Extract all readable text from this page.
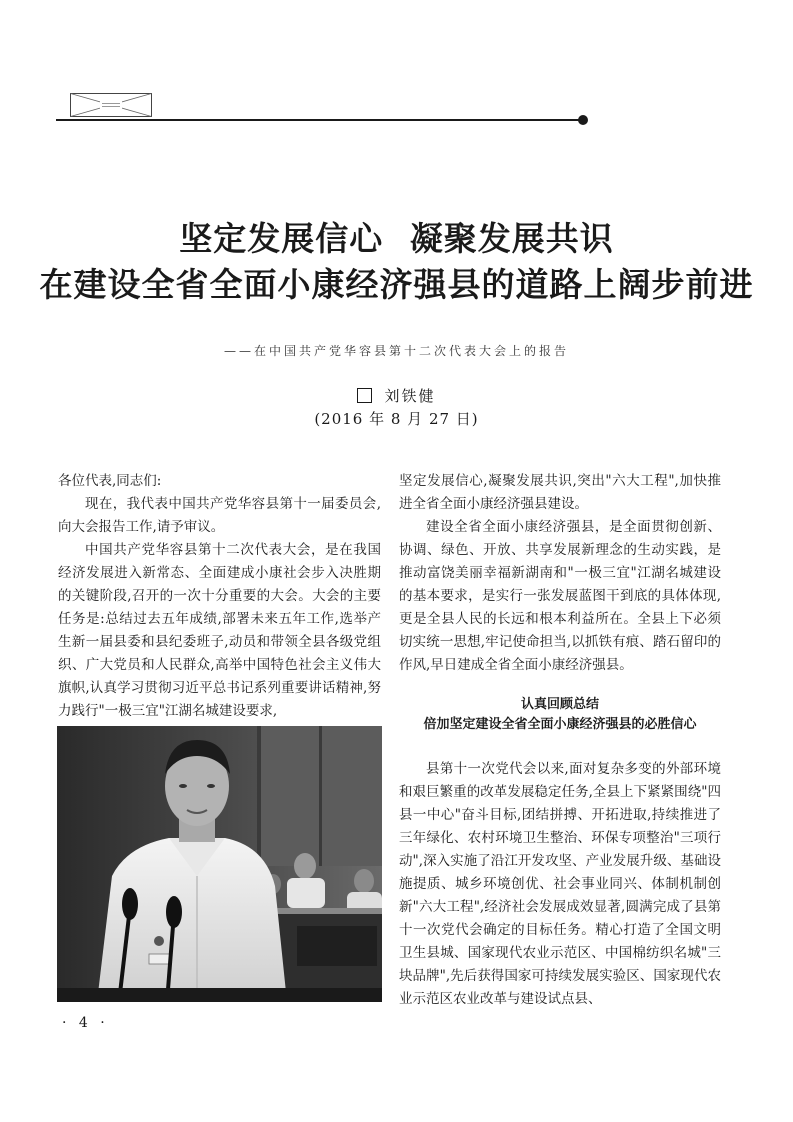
坚定发展信心 凝聚发展共识
在建设全省全面小康经济强县的道路上阔步前进
——在中国共产党华容县第十二次代表大会上的报告
刘铁健
(2016 年 8 月 27 日)

各位代表,同志们:

现在，我代表中国共产党华容县第十一届委员会,向大会报告工作,请予审议。

中国共产党华容县第十二次代表大会，是在我国经济发展进入新常态、全面建成小康社会步入决胜期的关键阶段,召开的一次十分重要的大会。大会的主要任务是:总结过去五年成绩,部署未来五年工作,选举产生新一届县委和县纪委班子,动员和带领全县各级党组织、广大党员和人民群众,高举中国特色社会主义伟大旗帜,认真学习贯彻习近平总书记系列重要讲话精神,努力践行"一极三宜"江湖名城建设要求,

坚定发展信心,凝聚发展共识,突出"六大工程",加快推进全省全面小康经济强县建设。

建设全省全面小康经济强县，是全面贯彻创新、协调、绿色、开放、共享发展新理念的生动实践，是推动富饶美丽幸福新湖南和"一极三宜"江湖名城建设的基本要求，是实行一张发展蓝图干到底的具体体现,更是全县人民的长远和根本利益所在。全县上下必须切实统一思想,牢记使命担当,以抓铁有痕、踏石留印的作风,早日建成全省全面小康经济强县。

认真回顾总结
倍加坚定建设全省全面小康经济强县的必胜信心

县第十一次党代会以来,面对复杂多变的外部环境和艰巨繁重的改革发展稳定任务,全县上下紧紧围绕"四县一中心"奋斗目标,团结拼搏、开拓进取,持续推进了三年绿化、农村环境卫生整治、环保专项整治"三项行动",深入实施了沿江开发攻坚、产业发展升级、基础设施提质、城乡环境创优、社会事业同兴、体制机制创新"六大工程",经济社会发展成效显著,圆满完成了县第十一次党代会确定的目标任务。精心打造了全国文明卫生县城、国家现代农业示范区、中国棉纺织名城"三块品牌",先后获得国家可持续发展实验区、国家现代农业示范区农业改革与建设试点县、

· 4 ·
